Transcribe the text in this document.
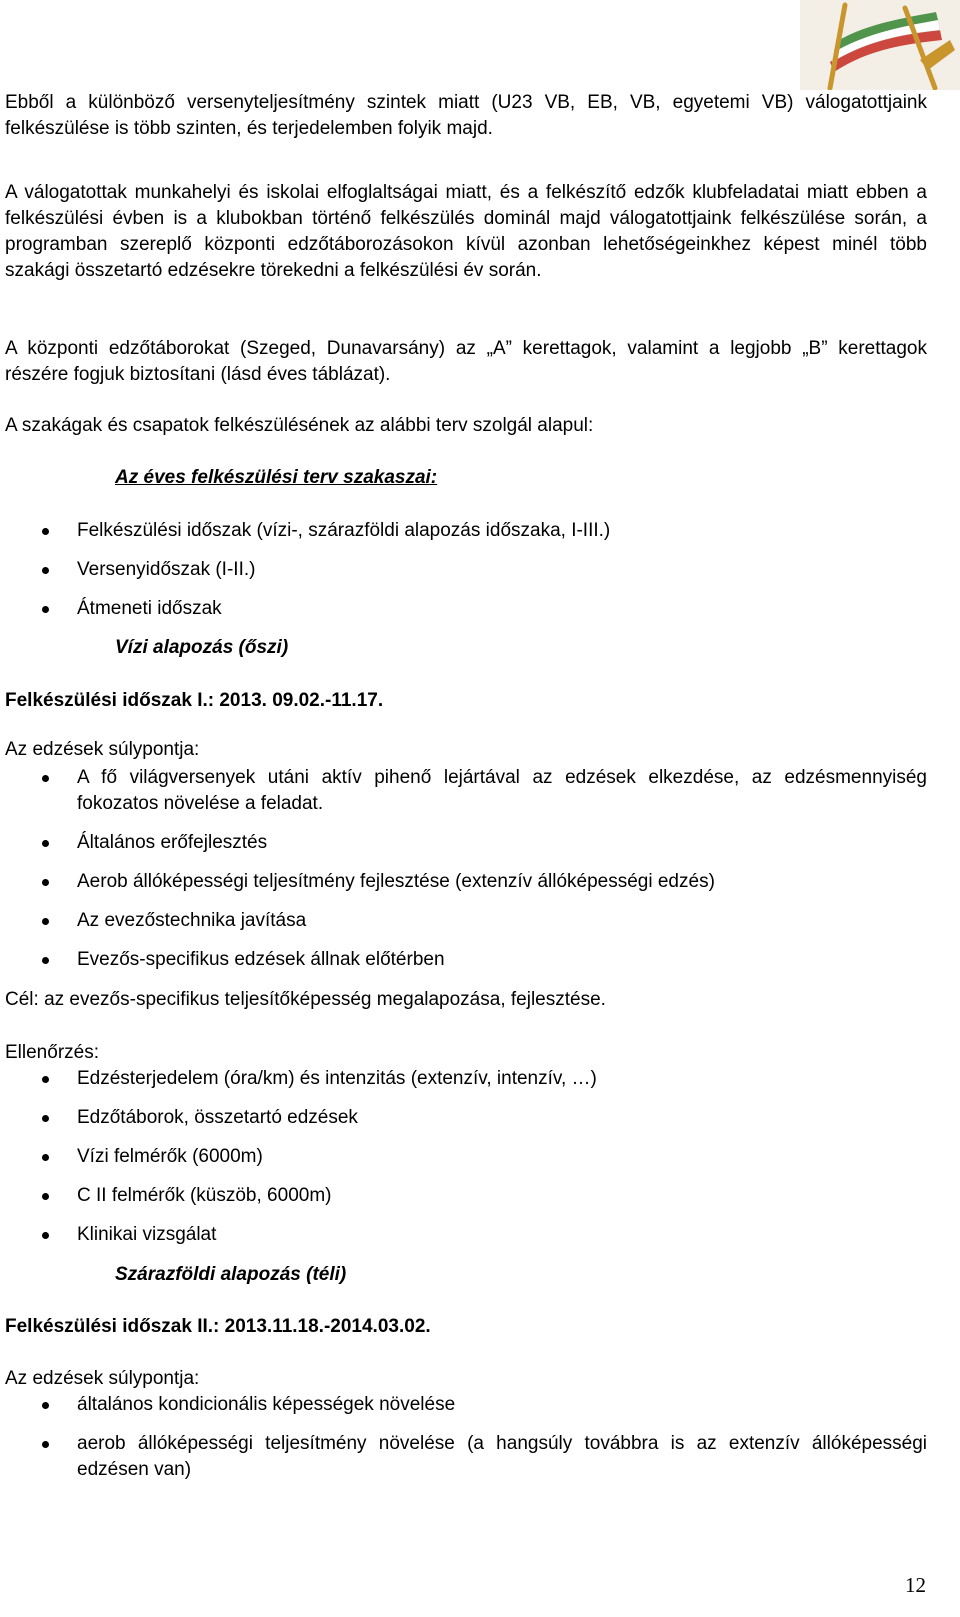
Ebből a különböző versenyteljesítmény szintek miatt (U23 VB, EB, VB, egyetemi VB) válogatottjaink felkészülése is több szinten, és terjedelemben folyik majd.

A válogatottak munkahelyi és iskolai elfoglaltságai miatt, és a felkészítő edzők klubfeladatai miatt ebben a felkészülési évben is a klubokban történő felkészülés dominál majd válogatottjaink felkészülése során, a programban szereplő központi edzőtáborozásokon kívül azonban lehetőségeinkhez képest minél több szakági összetartó edzésekre törekedni a felkészülési év során.

A központi edzőtáborokat (Szeged, Dunavarsány) az „A” kerettagok, valamint a legjobb „B” kerettagok részére fogjuk biztosítani (lásd éves táblázat).

A szakágak és csapatok felkészülésének az alábbi terv szolgál alapul:

Az éves felkészülési terv szakaszai:

Felkészülési időszak (vízi-, szárazföldi alapozás időszaka, I-III.)
Versenyidőszak (I-II.)
Átmeneti időszak

Vízi alapozás (őszi)

Felkészülési időszak I.: 2013. 09.02.-11.17.

Az edzések súlypontja:

A fő világversenyek utáni aktív pihenő lejártával az edzések elkezdése, az edzésmennyiség fokozatos növelése a feladat.
Általános erőfejlesztés
Aerob állóképességi teljesítmény fejlesztése (extenzív állóképességi edzés)
Az evezőstechnika javítása
Evezős-specifikus edzések állnak előtérben

Cél: az evezős-specifikus teljesítőképesség megalapozása, fejlesztése.

Ellenőrzés:

Edzésterjedelem (óra/km) és intenzitás (extenzív, intenzív, …)
Edzőtáborok, összetartó edzések
Vízi felmérők (6000m)
C II felmérők (küszöb, 6000m)
Klinikai vizsgálat

Szárazföldi alapozás (téli)

Felkészülési időszak II.: 2013.11.18.-2014.03.02.

Az edzések súlypontja:

általános kondicionális képességek növelése
aerob állóképességi teljesítmény növelése (a hangsúly továbbra is az extenzív állóképességi edzésen van)
12
